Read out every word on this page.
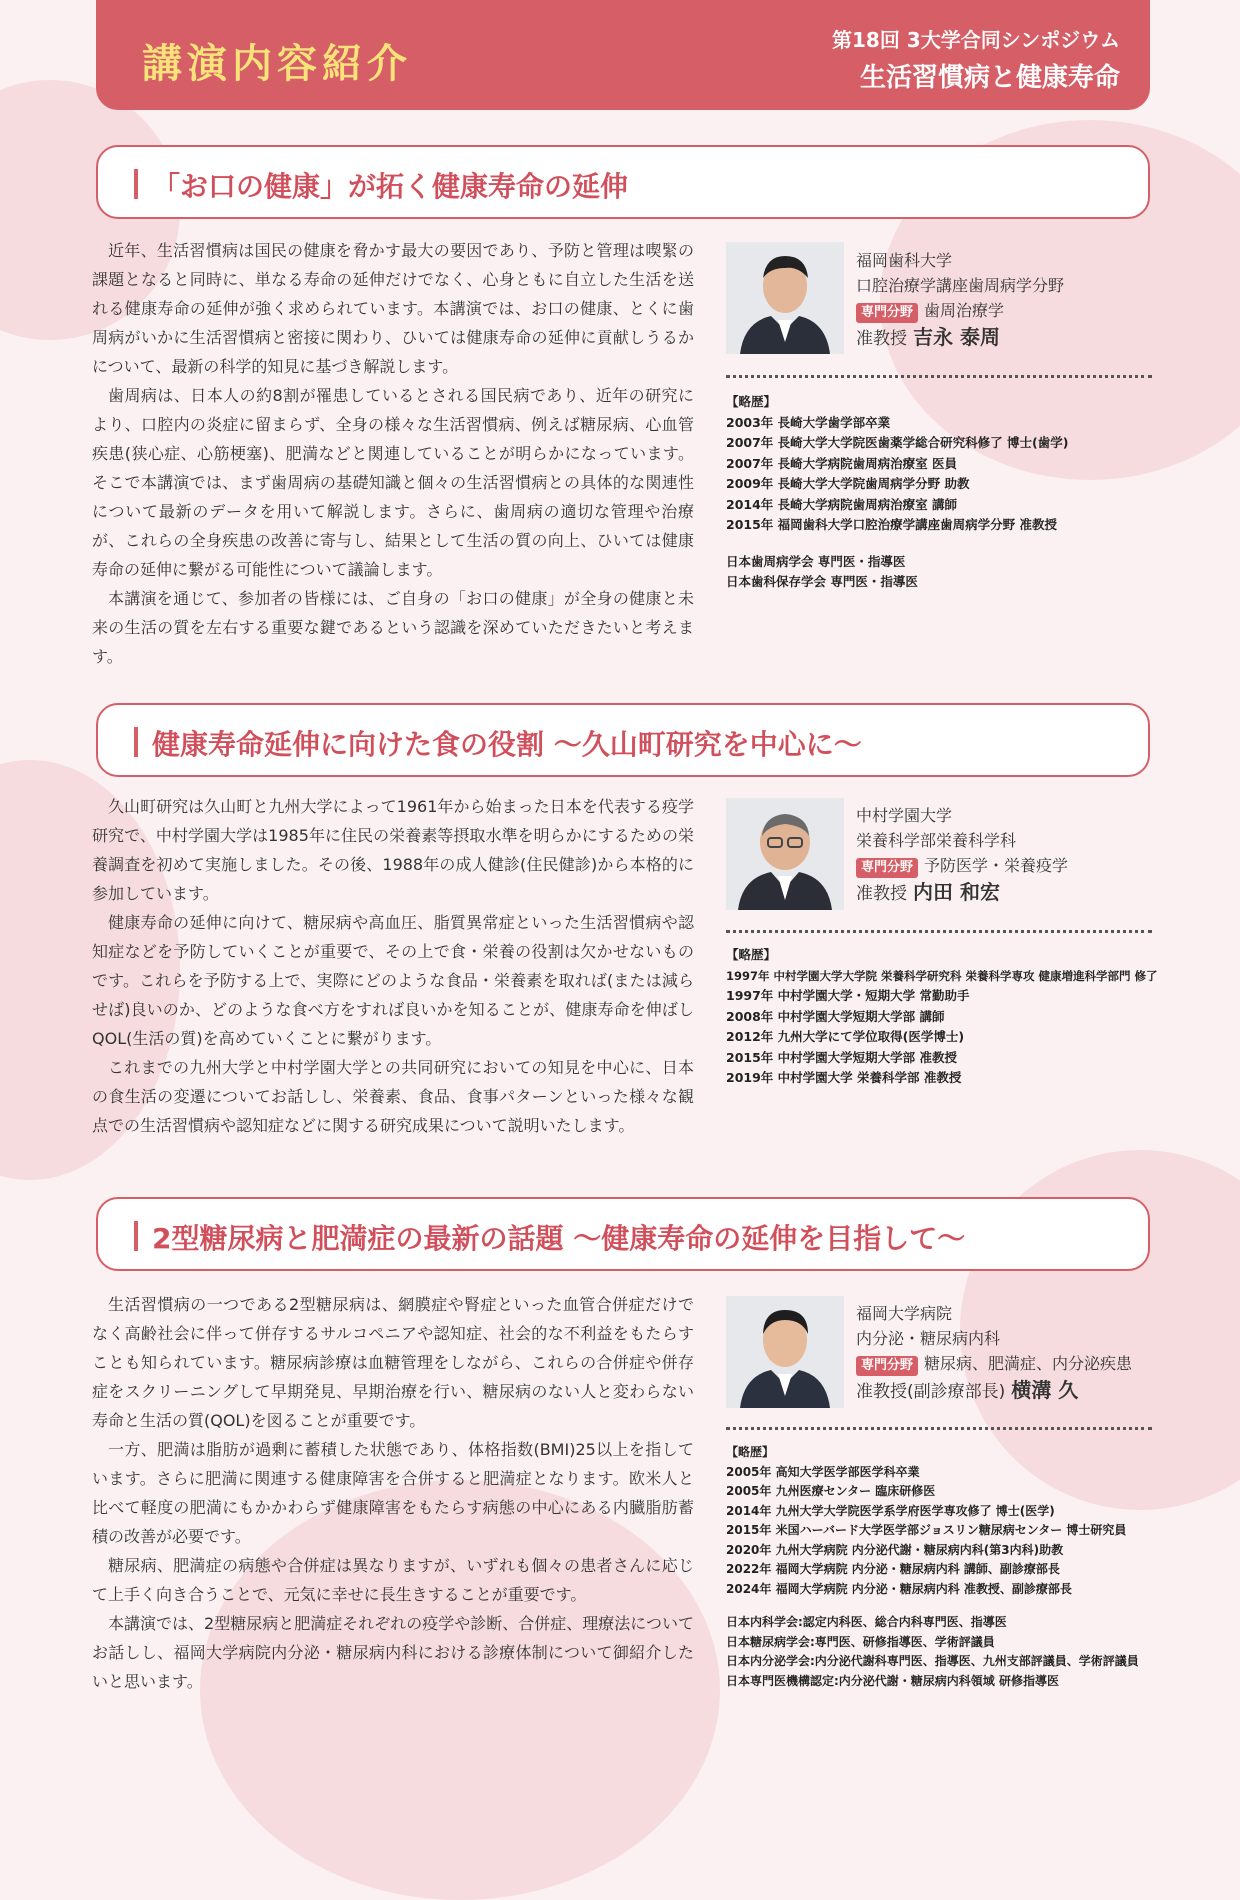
講演内容紹介
第18回 3大学合同シンポジウム
生活習慣病と健康寿命
「お口の健康」が拓く健康寿命の延伸

近年、生活習慣病は国民の健康を脅かす最大の要因であり、予防と管理は喫緊の課題となると同時に、単なる寿命の延伸だけでなく、心身ともに自立した生活を送れる健康寿命の延伸が強く求められています。本講演では、お口の健康、とくに歯周病がいかに生活習慣病と密接に関わり、ひいては健康寿命の延伸に貢献しうるかについて、最新の科学的知見に基づき解説します。

歯周病は、日本人の約8割が罹患しているとされる国民病であり、近年の研究により、口腔内の炎症に留まらず、全身の様々な生活習慣病、例えば糖尿病、心血管疾患(狭心症、心筋梗塞)、肥満などと関連していることが明らかになっています。そこで本講演では、まず歯周病の基礎知識と個々の生活習慣病との具体的な関連性について最新のデータを用いて解説します。さらに、歯周病の適切な管理や治療が、これらの全身疾患の改善に寄与し、結果として生活の質の向上、ひいては健康寿命の延伸に繋がる可能性について議論します。

本講演を通じて、参加者の皆様には、ご自身の「お口の健康」が全身の健康と未来の生活の質を左右する重要な鍵であるという認識を深めていただきたいと考えます。

福岡歯科大学
口腔治療学講座歯周病学分野
専門分野 歯周治療学
准教授 吉永 泰周
【略歴】
2003年 長崎大学歯学部卒業
2007年 長崎大学大学院医歯薬学総合研究科修了 博士(歯学)
2007年 長崎大学病院歯周病治療室 医員
2009年 長崎大学大学院歯周病学分野 助教
2014年 長崎大学病院歯周病治療室 講師
2015年 福岡歯科大学口腔治療学講座歯周病学分野 准教授
日本歯周病学会 専門医・指導医
日本歯科保存学会 専門医・指導医
健康寿命延伸に向けた食の役割 ～久山町研究を中心に～

久山町研究は久山町と九州大学によって1961年から始まった日本を代表する疫学研究で、中村学園大学は1985年に住民の栄養素等摂取水準を明らかにするための栄養調査を初めて実施しました。その後、1988年の成人健診(住民健診)から本格的に参加しています。

健康寿命の延伸に向けて、糖尿病や高血圧、脂質異常症といった生活習慣病や認知症などを予防していくことが重要で、その上で食・栄養の役割は欠かせないものです。これらを予防する上で、実際にどのような食品・栄養素を取れば(または減らせば)良いのか、どのような食べ方をすれば良いかを知ることが、健康寿命を伸ばしQOL(生活の質)を高めていくことに繋がります。

これまでの九州大学と中村学園大学との共同研究においての知見を中心に、日本の食生活の変遷についてお話しし、栄養素、食品、食事パターンといった様々な観点での生活習慣病や認知症などに関する研究成果について説明いたします。

中村学園大学
栄養科学部栄養科学科
専門分野 予防医学・栄養疫学
准教授 内田 和宏
【略歴】
1997年 中村学園大学大学院 栄養科学研究科 栄養科学専攻 健康増進科学部門 修了
1997年 中村学園大学・短期大学 常勤助手
2008年 中村学園大学短期大学部 講師
2012年 九州大学にて学位取得(医学博士)
2015年 中村学園大学短期大学部 准教授
2019年 中村学園大学 栄養科学部 准教授
2型糖尿病と肥満症の最新の話題 ～健康寿命の延伸を目指して～

生活習慣病の一つである2型糖尿病は、網膜症や腎症といった血管合併症だけでなく高齢社会に伴って併存するサルコペニアや認知症、社会的な不利益をもたらすことも知られています。糖尿病診療は血糖管理をしながら、これらの合併症や併存症をスクリーニングして早期発見、早期治療を行い、糖尿病のない人と変わらない寿命と生活の質(QOL)を図ることが重要です。

一方、肥満は脂肪が過剰に蓄積した状態であり、体格指数(BMI)25以上を指しています。さらに肥満に関連する健康障害を合併すると肥満症となります。欧米人と比べて軽度の肥満にもかかわらず健康障害をもたらす病態の中心にある内臓脂肪蓄積の改善が必要です。

糖尿病、肥満症の病態や合併症は異なりますが、いずれも個々の患者さんに応じて上手く向き合うことで、元気に幸せに長生きすることが重要です。

本講演では、2型糖尿病と肥満症それぞれの疫学や診断、合併症、理療法についてお話しし、福岡大学病院内分泌・糖尿病内科における診療体制について御紹介したいと思います。

福岡大学病院
内分泌・糖尿病内科
専門分野 糖尿病、肥満症、内分泌疾患
准教授(副診療部長) 横溝 久
【略歴】
2005年 高知大学医学部医学科卒業
2005年 九州医療センター 臨床研修医
2014年 九州大学大学院医学系学府医学専攻修了 博士(医学)
2015年 米国ハーバード大学医学部ジョスリン糖尿病センター 博士研究員
2020年 九州大学病院 内分泌代謝・糖尿病内科(第3内科)助教
2022年 福岡大学病院 内分泌・糖尿病内科 講師、副診療部長
2024年 福岡大学病院 内分泌・糖尿病内科 准教授、副診療部長
日本内科学会:認定内科医、総合内科専門医、指導医
日本糖尿病学会:専門医、研修指導医、学術評議員
日本内分泌学会:内分泌代謝科専門医、指導医、九州支部評議員、学術評議員
日本専門医機構認定:内分泌代謝・糖尿病内科領域 研修指導医
